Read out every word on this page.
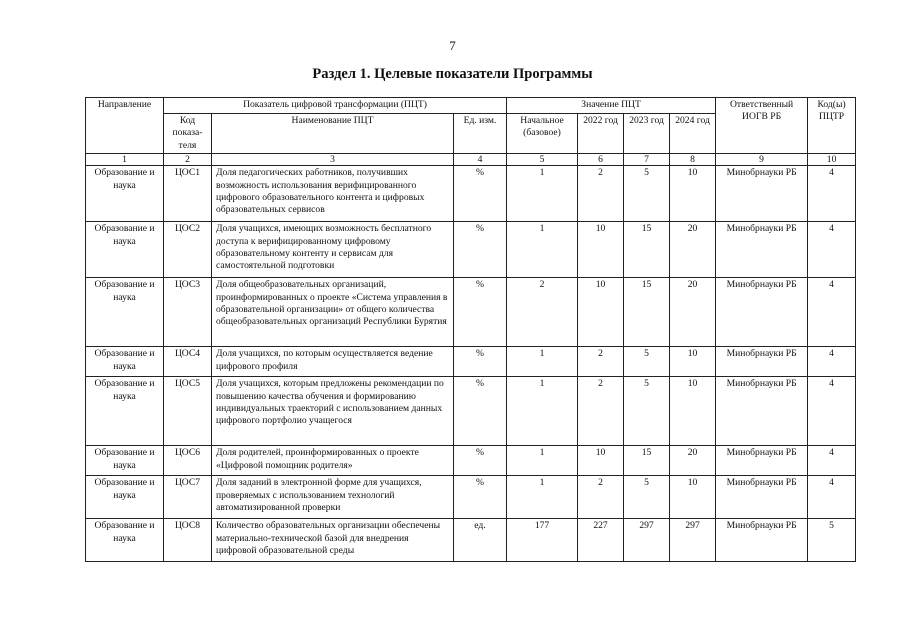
7
Раздел 1. Целевые показатели Программы
Направление	Показатель цифровой трансформации (ПЦТ)			Значение ПЦТ				Ответственный ИОГВ РБ	Код(ы) ПЦТР
	Код показа-теля	Наименование ПЦТ	Ед. изм.	Начальное (базовое)	2022 год	2023 год	2024 год		
1	2	3	4	5	6	7	8	9	10
Образование и наука	ЦОС1	Доля педагогических работников, получивших возможность использования верифицированного цифрового образовательного контента и цифровых образовательных сервисов	%	1	2	5	10	Минобрнауки РБ	4
Образование и наука	ЦОС2	Доля учащихся, имеющих возможность бесплатного доступа к верифицированному цифровому образовательному контенту и сервисам для самостоятельной подготовки	%	1	10	15	20	Минобрнауки РБ	4
Образование и наука	ЦОС3	Доля общеобразовательных организаций, проинформированных о проекте «Система управления в образовательной организации» от общего количества общеобразовательных организаций Республики Бурятия	%	2	10	15	20	Минобрнауки РБ	4
Образование и наука	ЦОС4	Доля учащихся, по которым осуществляется ведение цифрового профиля	%	1	2	5	10	Минобрнауки РБ	4
Образование и наука	ЦОС5	Доля учащихся, которым предложены рекомендации по повышению качества обучения и формированию индивидуальных траекторий с использованием данных цифрового портфолио учащегося	%	1	2	5	10	Минобрнауки РБ	4
Образование и наука	ЦОС6	Доля родителей, проинформированных о проекте «Цифровой помощник родителя»	%	1	10	15	20	Минобрнауки РБ	4
Образование и наука	ЦОС7	Доля заданий в электронной форме для учащихся, проверяемых с использованием технологий автоматизированной проверки	%	1	2	5	10	Минобрнауки РБ	4
Образование и наука	ЦОС8	Количество образовательных организации обеспечены материально-технической базой для внедрения цифровой образовательной среды	ед.	177	227	297	297	Минобрнауки РБ	5
